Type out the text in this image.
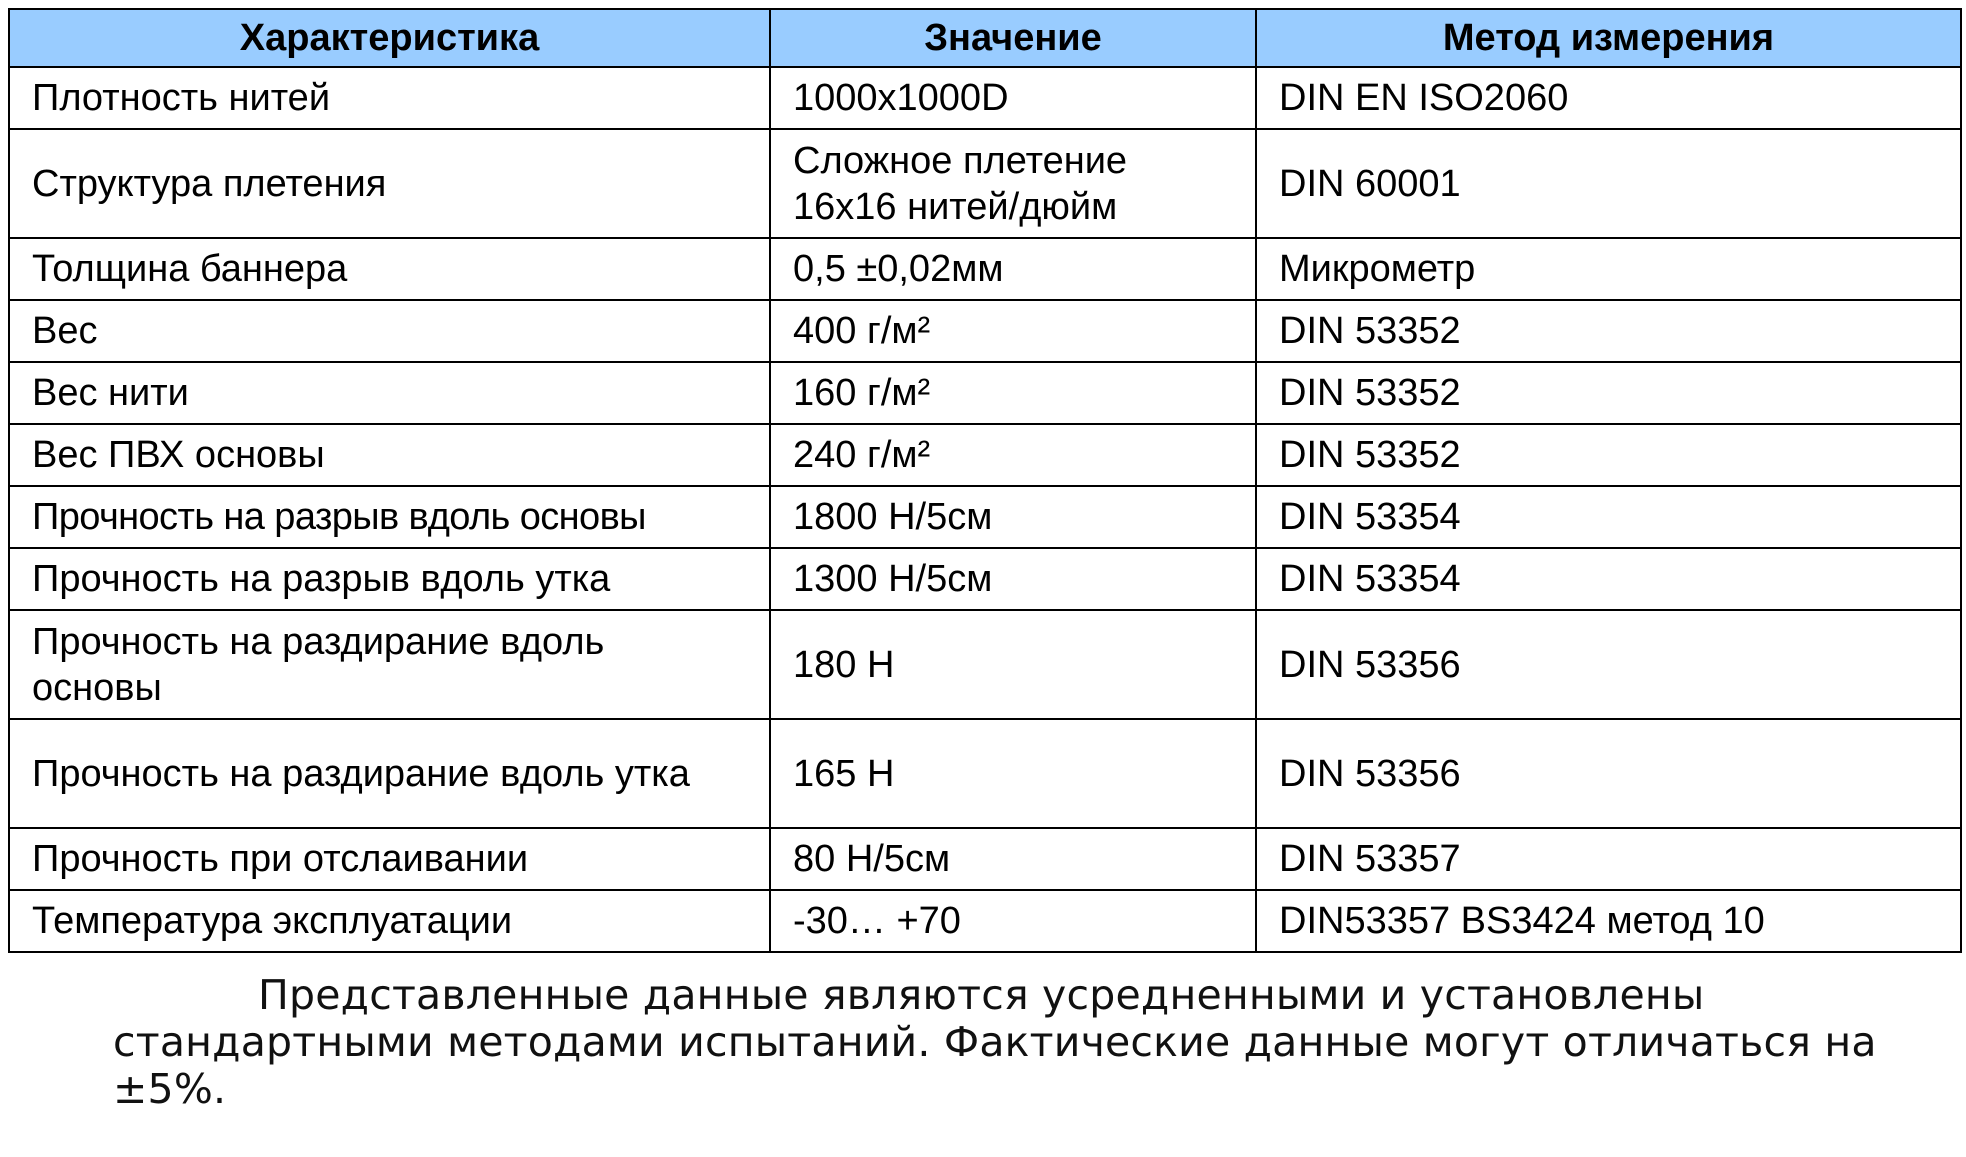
Характеристика	Значение	Метод измерения
Плотность нитей	1000x1000D	DIN EN ISO2060
Структура плетения	Сложное плетение 16x16 нитей/дюйм	DIN 60001
Толщина баннера	0,5 ±0,02мм	Микрометр
Вес	400 г/м²	DIN 53352
Вес нити	160 г/м²	DIN 53352
Вес ПВХ основы	240 г/м²	DIN 53352
Прочность на разрыв вдоль основы	1800 Н/5см	DIN 53354
Прочность на разрыв вдоль утка	1300 Н/5см	DIN 53354

Прочность на раздирание вдоль основы	180 Н	DIN 53356

Прочность на раздирание вдоль утка	165 Н	DIN 53356
Прочность при отслаивании	80 Н/5см	DIN 53357
Температура эксплуатации	-30… +70	DIN53357 BS3424 метод 10
Представленные данные являются усредненными и установлены стандартными методами испытаний. Фактические данные могут отличаться на ±5%.
